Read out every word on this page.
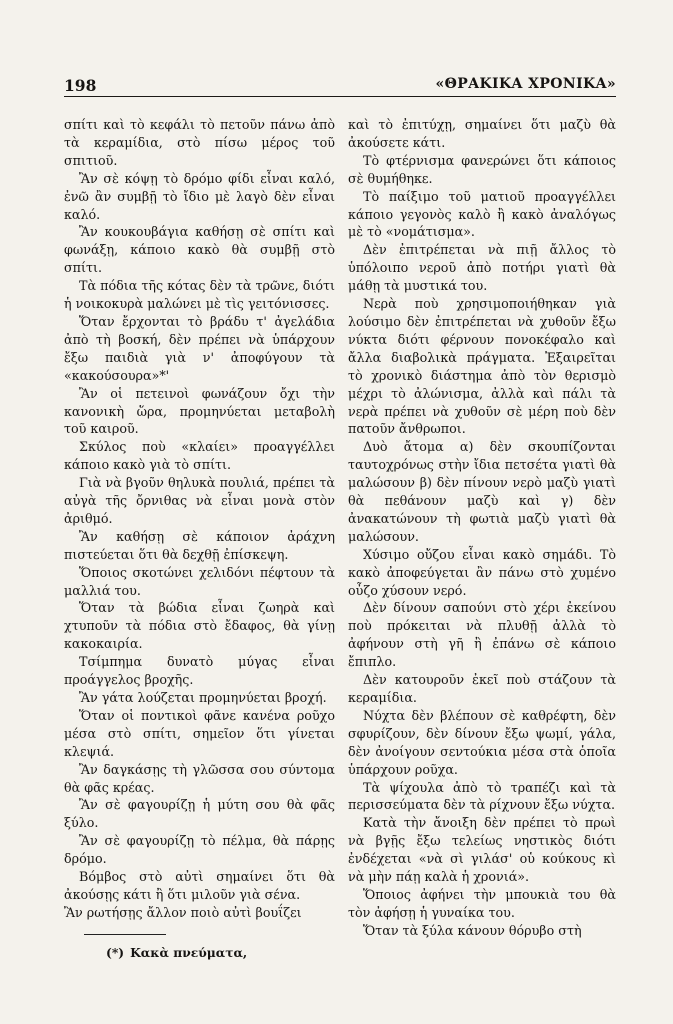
198	«ΘΡΑΚΙΚΑ ΧΡΟΝΙΚΑ»

σπίτι καὶ τὸ κεφάλι τὸ πετοῦν πάνω ἀπὸ τὰ κεραμίδια, στὸ πίσω μέρος τοῦ σπιτιοῦ.

Ἂν σὲ κόψῃ τὸ δρόμο φίδι εἶναι καλό, ἐνῶ ἂν συμβῇ τὸ ἴδιο μὲ λαγὸ δὲν εἶναι καλό.

Ἂν κουκουβάγια καθήσῃ σὲ σπίτι καὶ φωνάξῃ, κάποιο κακὸ θὰ συμβῇ στὸ σπίτι.

Τὰ πόδια τῆς κότας δὲν τὰ τρῶνε, διότι ἡ νοικοκυρὰ μαλώνει μὲ τὶς γειτόνισσες.

Ὅταν ἔρχονται τὸ βράδυ τ' ἀγελάδια ἀπὸ τὴ βοσκή, δὲν πρέπει νὰ ὑπάρχουν ἔξω παιδιὰ γιὰ ν' ἀποφύγουν τὰ «κακούσουρα»*'

Ἂν οἱ πετεινοὶ φωνάζουν ὄχι τὴν κανονικὴ ὥρα, προμηνύεται μεταβολὴ τοῦ καιροῦ.

Σκύλος ποὺ «κλαίει» προαγγέλλει κάποιο κακὸ γιὰ τὸ σπίτι.

Γιὰ νὰ βγοῦν θηλυκὰ πουλιά, πρέπει τὰ αὐγὰ τῆς ὄρνιθας νὰ εἶναι μονὰ στὸν ἀριθμό.

Ἂν καθήσῃ σὲ κάποιον ἀράχνη πιστεύεται ὅτι θὰ δεχθῇ ἐπίσκεψη.

Ὅποιος σκοτώνει χελιδόνι πέφτουν τὰ μαλλιά του.

Ὅταν τὰ βώδια εἶναι ζωηρὰ καὶ χτυποῦν τὰ πόδια στὸ ἔδαφος, θὰ γίνῃ κακοκαιρία.

Τσίμπημα δυνατὸ μύγας εἶναι προάγγελος βροχῆς.

Ἂν γάτα λούζεται προμηνύεται βροχή.

Ὅταν οἱ ποντικοὶ φᾶνε κανένα ροῦχο μέσα στὸ σπίτι, σημεῖον ὅτι γίνεται κλεψιά.

Ἂν δαγκάσῃς τὴ γλῶσσα σου σύντομα θὰ φᾶς κρέας.

Ἂν σὲ φαγουρίζῃ ἡ μύτη σου θὰ φᾶς ξύλο.

Ἂν σὲ φαγουρίζῃ τὸ πέλμα, θὰ πάρῃς δρόμο.

Βόμβος στὸ αὐτὶ σημαίνει ὅτι θὰ ἀκούσῃς κάτι ἢ ὅτι μιλοῦν γιὰ σένα.

Ἂν ρωτήσῃς ἄλλον ποιὸ αὐτὶ βουΐζει

καὶ τὸ ἐπιτύχῃ, σημαίνει ὅτι μαζὺ θὰ ἀκούσετε κάτι.

Τὸ φτέρνισμα φανερώνει ὅτι κάποιος σὲ θυμήθηκε.

Τὸ παίξιμο τοῦ ματιοῦ προαγγέλλει κάποιο γεγονὸς καλὸ ἢ κακὸ ἀναλόγως μὲ τὸ «νομάτισμα».

Δὲν ἐπιτρέπεται νὰ πιῇ ἄλλος τὸ ὑπόλοιπο νεροῦ ἀπὸ ποτήρι γιατὶ θὰ μάθῃ τὰ μυστικά του.

Νερὰ ποὺ χρησιμοποιήθηκαν γιὰ λούσιμο δὲν ἐπιτρέπεται νὰ χυθοῦν ἔξω νύκτα διότι φέρνουν πονοκέφαλο καὶ ἄλλα διαβολικὰ πράγματα. Ἐξαιρεῖται τὸ χρονικὸ διάστημα ἀπὸ τὸν θερισμὸ μέχρι τὸ ἀλώνισμα, ἀλλὰ καὶ πάλι τὰ νερὰ πρέπει νὰ χυθοῦν σὲ μέρη ποὺ δὲν πατοῦν ἄνθρωποι.

Δυὸ ἄτομα α) δὲν σκουπίζονται ταυτοχρόνως στὴν ἴδια πετσέτα γιατὶ θὰ μαλώσουν β) δὲν πίνουν νερὸ μαζὺ γιατὶ θὰ πεθάνουν μαζὺ καὶ γ) δὲν ἀνακατώνουν τὴ φωτιὰ μαζὺ γιατὶ θὰ μαλώσουν.

Χύσιμο οὔζου εἶναι κακὸ σημάδι. Τὸ κακὸ ἀποφεύγεται ἂν πάνω στὸ χυμένο οὖζο χύσουν νερό.

Δὲν δίνουν σαπούνι στὸ χέρι ἐκείνου ποὺ πρόκειται νὰ πλυθῇ ἀλλὰ τὸ ἀφήνουν στὴ γῆ ἢ ἐπάνω σὲ κάποιο ἔπιπλο.

Δὲν κατουροῦν ἐκεῖ ποὺ στάζουν τὰ κεραμίδια.

Νύχτα δὲν βλέπουν σὲ καθρέφτη, δὲν σφυρίζουν, δὲν δίνουν ἔξω ψωμί, γάλα, δὲν ἀνοίγουν σεντούκια μέσα στὰ ὁποῖα ὑπάρχουν ροῦχα.

Τὰ ψίχουλα ἀπὸ τὸ τραπέζι καὶ τὰ περισσεύματα δὲν τὰ ρίχνουν ἔξω νύχτα.

Κατὰ τὴν ἄνοιξη δὲν πρέπει τὸ πρωὶ νὰ βγῇς ἔξω τελείως νηστικὸς διότι ἐνδέχεται «νὰ σὶ γιλάσ' οὑ κούκους κὶ νὰ μὴν πάῃ καλὰ ἡ χρονιά».

Ὅποιος ἀφήνει τὴν μπουκιὰ του θὰ τὸν ἀφήσῃ ἡ γυναίκα του.

Ὅταν τὰ ξύλα κάνουν θόρυβο στὴ

(*) Κακὰ πνεύματα,
